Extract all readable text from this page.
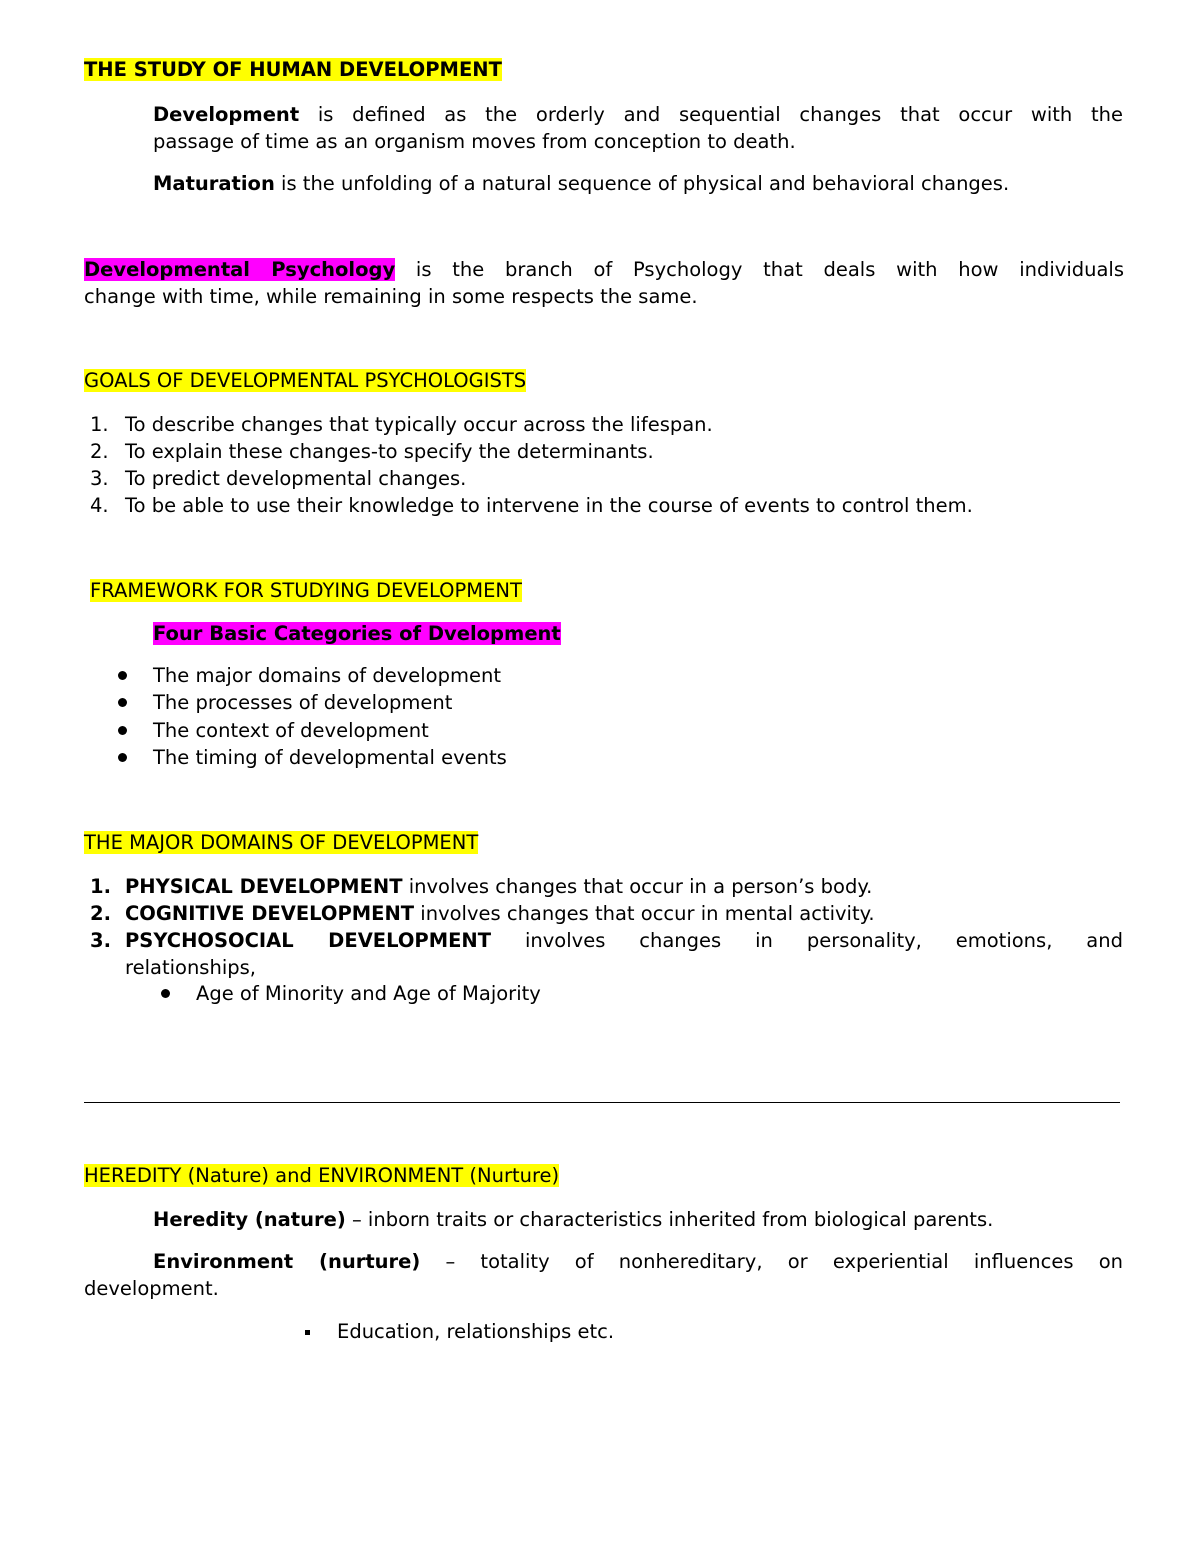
THE STUDY OF HUMAN DEVELOPMENT
Development is defined as the orderly and sequential changes that occur with the
passage of time as an organism moves from conception to death.
Maturation is the unfolding of a natural sequence of physical and behavioral changes.
Developmental Psychology is the branch of Psychology that deals with how individuals
change with time, while remaining in some respects the same.
GOALS OF DEVELOPMENTAL PSYCHOLOGISTS
1. To describe changes that typically occur across the lifespan.
2. To explain these changes-to specify the determinants.
3. To predict developmental changes.
4. To be able to use their knowledge to intervene in the course of events to control them.
FRAMEWORK FOR STUDYING DEVELOPMENT
Four Basic Categories of Dvelopment
The major domains of development
The processes of development
The context of development
The timing of developmental events
THE MAJOR DOMAINS OF DEVELOPMENT
1. PHYSICAL DEVELOPMENT involves changes that occur in a person’s body.
2. COGNITIVE DEVELOPMENT involves changes that occur in mental activity.
3. PSYCHOSOCIAL DEVELOPMENT involves changes in personality, emotions, and
relationships,
Age of Minority and Age of Majority
HEREDITY (Nature) and ENVIRONMENT (Nurture)
Heredity (nature) – inborn traits or characteristics inherited from biological parents.
Environment (nurture) – totality of nonhereditary, or experiential influences on
development.
Education, relationships etc.
